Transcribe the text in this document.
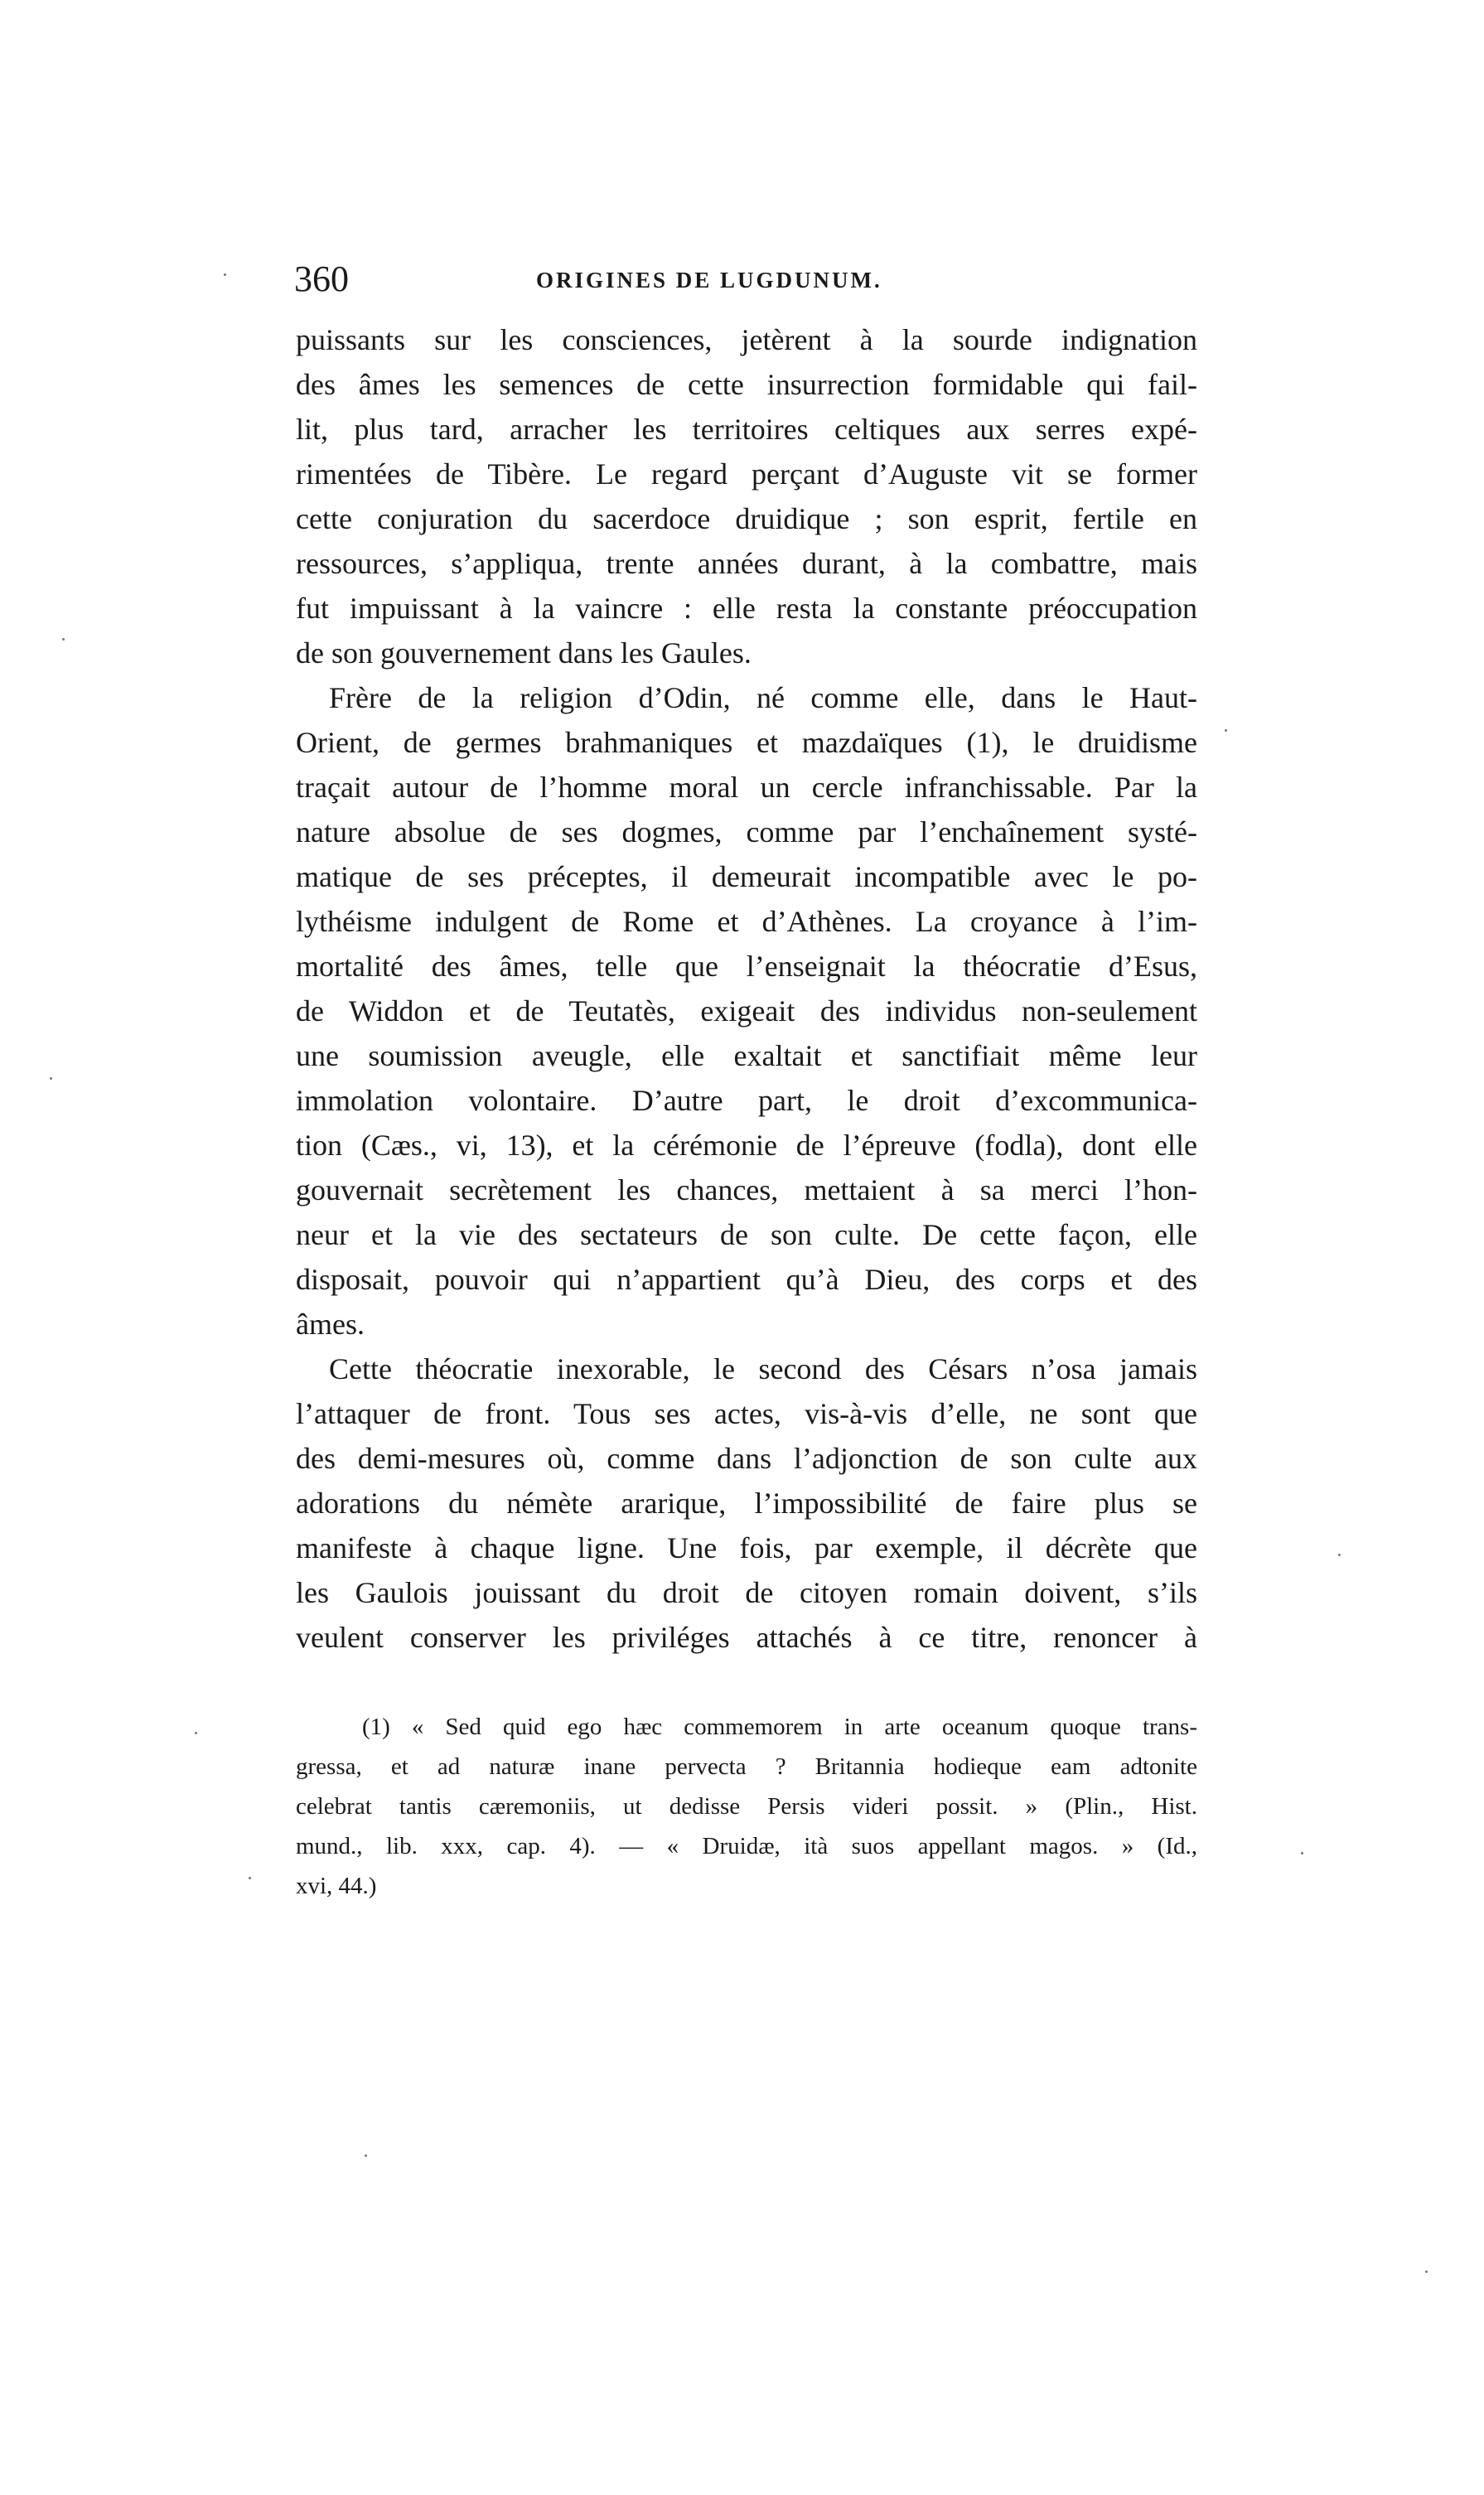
360	ORIGINES DE LUGDUNUM.
puissants sur les consciences, jetèrent à la sourde indignation
des âmes les semences de cette insurrection formidable qui fail-
lit, plus tard, arracher les territoires celtiques aux serres expé-
rimentées de Tibère. Le regard perçant d’Auguste vit se former
cette conjuration du sacerdoce druidique ; son esprit, fertile en
ressources, s’appliqua, trente années durant, à la combattre, mais
fut impuissant à la vaincre : elle resta la constante préoccupation
de son gouvernement dans les Gaules.
Frère de la religion d’Odin, né comme elle, dans le Haut-
Orient, de germes brahmaniques et mazdaïques (1), le druidisme
traçait autour de l’homme moral un cercle infranchissable. Par la
nature absolue de ses dogmes, comme par l’enchaînement systé-
matique de ses préceptes, il demeurait incompatible avec le po-
lythéisme indulgent de Rome et d’Athènes. La croyance à l’im-
mortalité des âmes, telle que l’enseignait la théocratie d’Esus,
de Widdon et de Teutatès, exigeait des individus non-seulement
une soumission aveugle, elle exaltait et sanctifiait même leur
immolation volontaire. D’autre part, le droit d’excommunica-
tion (Cæs., vi, 13), et la cérémonie de l’épreuve (fodla), dont elle
gouvernait secrètement les chances, mettaient à sa merci l’hon-
neur et la vie des sectateurs de son culte. De cette façon, elle
disposait, pouvoir qui n’appartient qu’à Dieu, des corps et des
âmes.
Cette théocratie inexorable, le second des Césars n’osa jamais
l’attaquer de front. Tous ses actes, vis-à-vis d’elle, ne sont que
des demi-mesures où, comme dans l’adjonction de son culte aux
adorations du némète ararique, l’impossibilité de faire plus se
manifeste à chaque ligne. Une fois, par exemple, il décrète que
les Gaulois jouissant du droit de citoyen romain doivent, s’ils
veulent conserver les priviléges attachés à ce titre, renoncer à
(1) « Sed quid ego hæc commemorem in arte oceanum quoque trans-
gressa, et ad naturæ inane pervecta ? Britannia hodieque eam adtonite
celebrat tantis cæremoniis, ut dedisse Persis videri possit. » (Plin., Hist.
mund., lib. xxx, cap. 4). — « Druidæ, ità suos appellant magos. » (Id.,
xvi, 44.)
